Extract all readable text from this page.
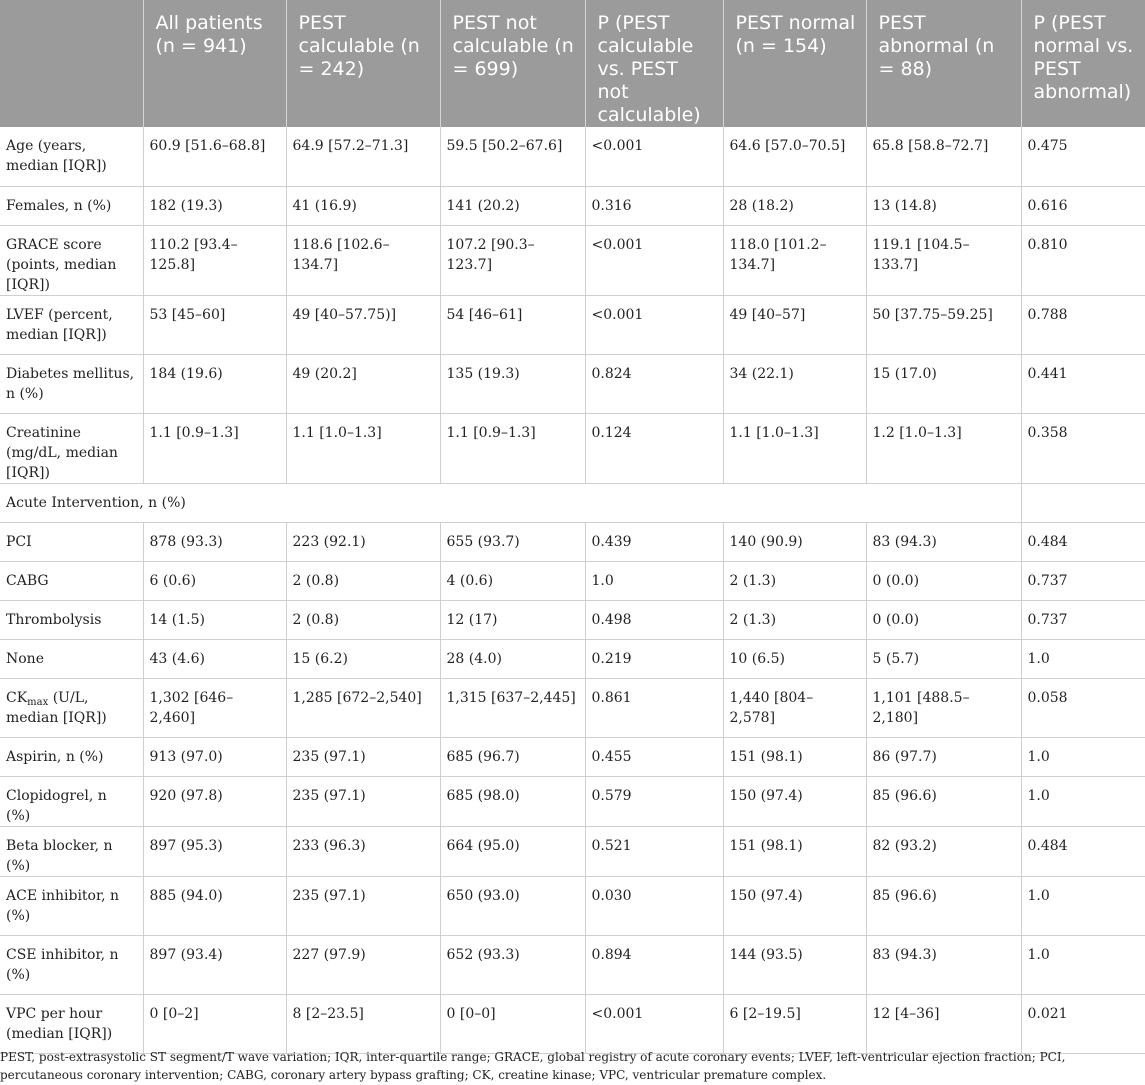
	All patients (n = 941)	PEST calculable (n = 242)	PEST not calculable (n = 699)	P (PEST calculable vs. PEST not calculable)	PEST normal (n = 154)	PEST abnormal (n = 88)	P (PEST normal vs. PEST abnormal)
Age (years, median [IQR])	60.9 [51.6–68.8]	64.9 [57.2–71.3]	59.5 [50.2–67.6]	<0.001	64.6 [57.0–70.5]	65.8 [58.8–72.7]	0.475
Females, n (%)	182 (19.3)	41 (16.9)	141 (20.2)	0.316	28 (18.2)	13 (14.8)	0.616
GRACE score (points, median [IQR])	110.2 [93.4–125.8]	118.6 [102.6–134.7]	107.2 [90.3–123.7]	<0.001	118.0 [101.2–134.7]	119.1 [104.5–133.7]	0.810
LVEF (percent, median [IQR])	53 [45–60]	49 [40–57.75)]	54 [46–61]	<0.001	49 [40–57]	50 [37.75–59.25]	0.788
Diabetes mellitus, n (%)	184 (19.6)	49 (20.2]	135 (19.3)	0.824	34 (22.1)	15 (17.0)	0.441
Creatinine (mg/dL, median [IQR])	1.1 [0.9–1.3]	1.1 [1.0–1.3]	1.1 [0.9–1.3]	0.124	1.1 [1.0–1.3]	1.2 [1.0–1.3]	0.358
Acute Intervention, n (%)							
PCI	878 (93.3)	223 (92.1)	655 (93.7)	0.439	140 (90.9)	83 (94.3)	0.484
CABG	6 (0.6)	2 (0.8)	4 (0.6)	1.0	2 (1.3)	0 (0.0)	0.737
Thrombolysis	14 (1.5)	2 (0.8)	12 (17)	0.498	2 (1.3)	0 (0.0)	0.737
None	43 (4.6)	15 (6.2)	28 (4.0)	0.219	10 (6.5)	5 (5.7)	1.0
$CK_{max}$ (U/L, median [IQR])	1,302 [646–2,460]	1,285 [672–2,540]	1,315 [637–2,445]	0.861	1,440 [804–2,578]	1,101 [488.5–2,180]	0.058
Aspirin, n (%)	913 (97.0)	235 (97.1)	685 (96.7)	0.455	151 (98.1)	86 (97.7)	1.0
Clopidogrel, n (%)	920 (97.8)	235 (97.1)	685 (98.0)	0.579	150 (97.4)	85 (96.6)	1.0
Beta blocker, n (%)	897 (95.3)	233 (96.3)	664 (95.0)	0.521	151 (98.1)	82 (93.2)	0.484
ACE inhibitor, n (%)	885 (94.0)	235 (97.1)	650 (93.0)	0.030	150 (97.4)	85 (96.6)	1.0
CSE inhibitor, n (%)	897 (93.4)	227 (97.9)	652 (93.3)	0.894	144 (93.5)	83 (94.3)	1.0
VPC per hour (median [IQR])	0 [0–2]	8 [2–23.5]	0 [0–0]	<0.001	6 [2–19.5]	12 [4–36]	0.021
PEST, post-extrasystolic ST segment/T wave variation; IQR, inter-quartile range; GRACE, global registry of acute coronary events; LVEF, left-ventricular ejection fraction; PCI, percutaneous coronary intervention; CABG, coronary artery bypass grafting; CK, creatine kinase; VPC, ventricular premature complex.
